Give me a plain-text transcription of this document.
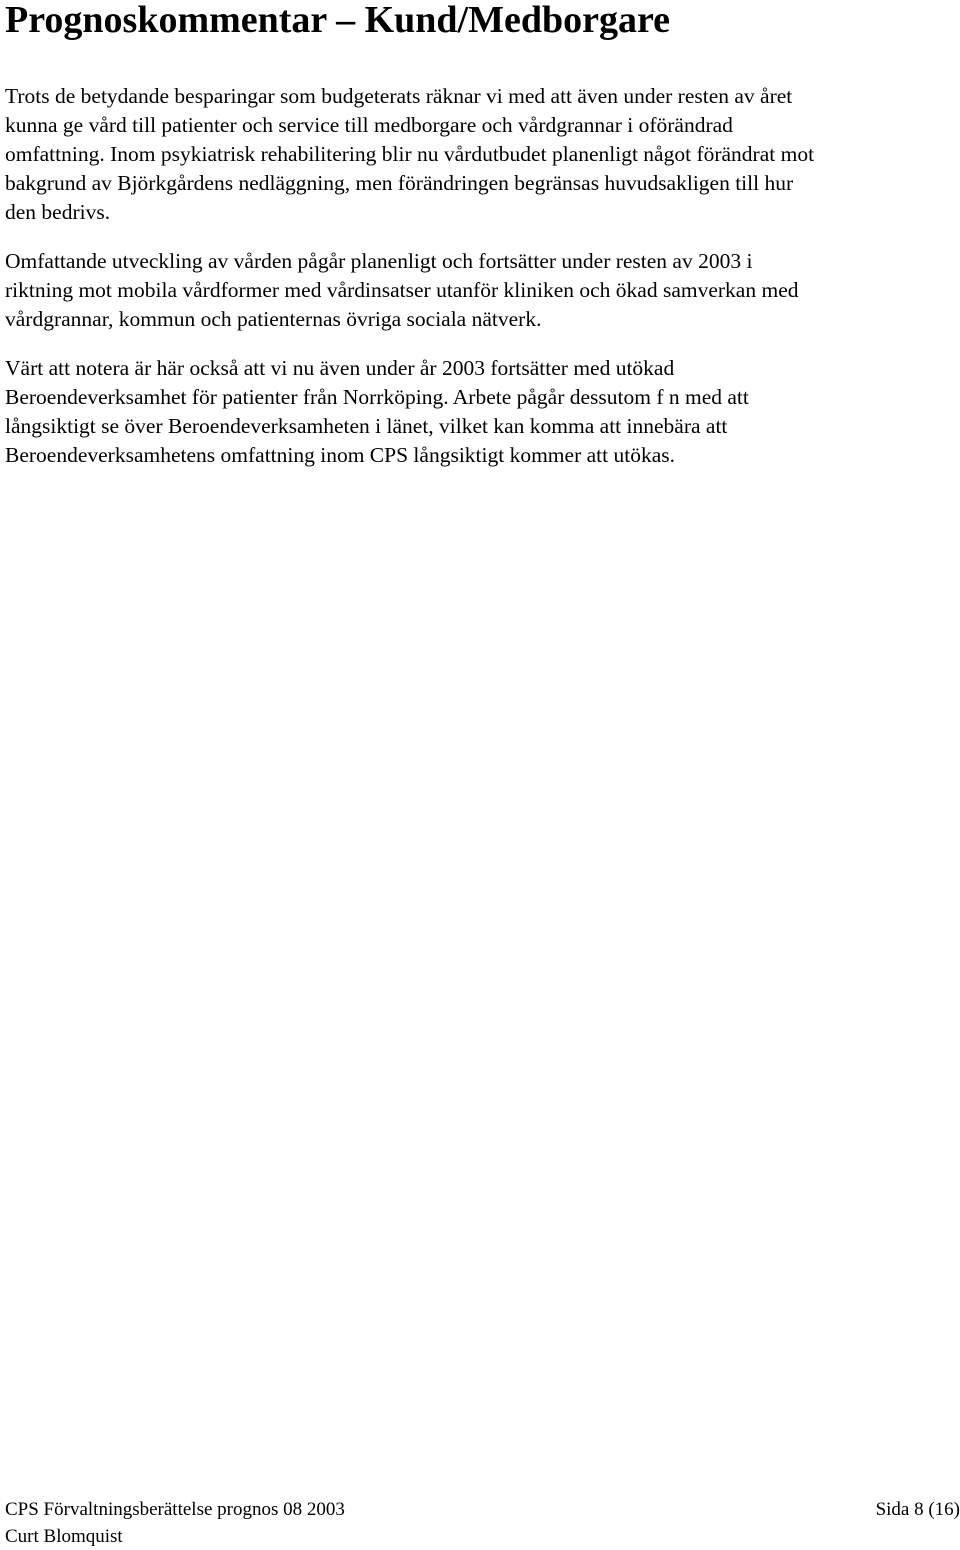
Prognoskommentar – Kund/Medborgare

Trots de betydande besparingar som budgeterats räknar vi med att även under resten av året
kunna ge vård till patienter och service till medborgare och vårdgrannar i oförändrad
omfattning. Inom psykiatrisk rehabilitering blir nu vårdutbudet planenligt något förändrat mot
bakgrund av Björkgårdens nedläggning, men förändringen begränsas huvudsakligen till hur
den bedrivs.

Omfattande utveckling av vården pågår planenligt och fortsätter under resten av 2003 i
riktning mot mobila vårdformer med vårdinsatser utanför kliniken och ökad samverkan med
vårdgrannar, kommun och patienternas övriga sociala nätverk.

Värt att notera är här också att vi nu även under år 2003 fortsätter med utökad
Beroendeverksamhet för patienter från Norrköping. Arbete pågår dessutom f n med att
långsiktigt se över Beroendeverksamheten i länet, vilket kan komma att innebära att
Beroendeverksamhetens omfattning inom CPS långsiktigt kommer att utökas.

CPS Förvaltningsberättelse prognos 08 2003	Sida 8 (16)
Curt Blomquist
